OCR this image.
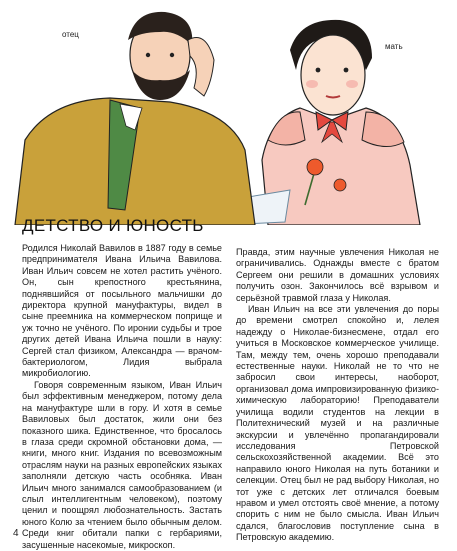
отец
мать
ДЕТСТВО И ЮНОСТЬ

Родился Николай Вавилов в 1887 году в семье предпринимателя Ивана Ильича Вавилова. Иван Ильич совсем не хотел растить учёного. Он, сын крепостного крестьянина, поднявшийся от посыльного мальчишки до директора крупной мануфактуры, видел в сыне преемника на коммерческом поприще и уж точно не учёного. По иронии судьбы и трое других детей Ивана Ильича пошли в науку: Сергей стал физиком, Александра — врачом-бактериологом, Лидия выбрала микробиологию.

Говоря современным языком, Иван Ильич был эффективным менеджером, потому дела на мануфактуре шли в гору. И хотя в семье Вавиловых был достаток, жили они без показного шика. Единственное, что бросалось в глаза среди скромной обстановки дома, — книги, много книг. Издания по всевозможным отраслям науки на разных европейских языках заполняли детскую часть особняка. Иван Ильич много занимался самообразованием (и слыл интеллигентным человеком), поэтому ценил и поощрял любознательность. Застать юного Колю за чтением было обычным делом. Среди книг обитали папки с гербариями, засушенные насекомые, микроскоп.

Правда, этим научные увлечения Николая не ограничивались. Однажды вместе с братом Сергеем они решили в домашних условиях получить озон. Закончилось всё взрывом и серьёзной травмой глаза у Николая.

Иван Ильич на все эти увлечения до поры до времени смотрел спокойно и, лелея надежду о Николае-бизнесмене, отдал его учиться в Московское коммерческое училище. Там, между тем, очень хорошо преподавали естественные науки. Николай не то что не забросил свои интересы, наоборот, организовал дома импровизированную физико-химическую лабораторию! Преподаватели училища водили студентов на лекции в Политехнический музей и на различные экскурсии и увлечённо пропагандировали исследования Петровской сельскохозяйственной академии. Всё это направило юного Николая на путь ботаники и селекции. Отец был не рад выбору Николая, но тот уже с детских лет отличался боевым нравом и умел отстоять своё мнение, а потому спорить с ним не было смысла. Иван Ильич сдался, благословив поступление сына в Петровскую академию.

4
